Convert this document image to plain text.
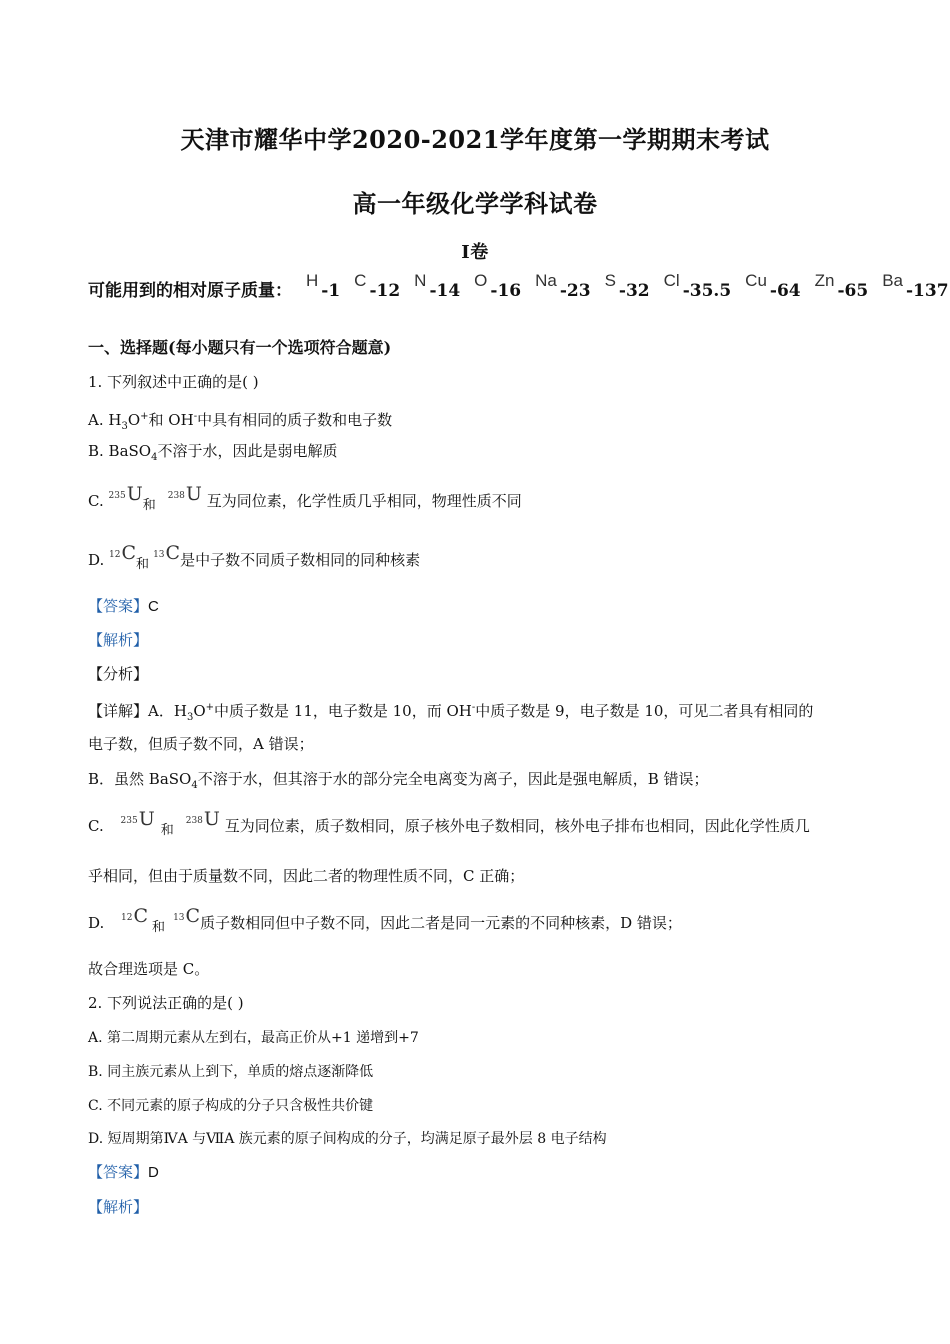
天津市耀华中学2020-2021学年度第一学期期末考试
高一年级化学学科试卷
I卷
可能用到的相对原子质量：H-1C-12N-14O-16Na-23S-32Cl-35.5Cu-64Zn-65Ba-137
一、选择题(每小题只有一个选项符合题意)
1. 下列叙述中正确的是( )
A. $H_3O^+$和 OH-中具有相同的质子数和电子数
B. BaSO$_4$不溶于水，因此是弱电解质
C. $^{235}$U和$^{238}$U 互为同位素，化学性质几乎相同，物理性质不同
D. $^{12}$C和$^{13}$C是中子数不同质子数相同的同种核素
【答案】C
【解析】
【分析】
【详解】A．$H_3O^+$中质子数是 11，电子数是 10，而 OH-中质子数是 9，电子数是 10，可见二者具有相同的
电子数，但质子数不同，A 错误；
B．虽然 BaSO$_4$不溶于水，但其溶于水的部分完全电离变为离子，因此是强电解质，B 错误；
C. $^{235}$U和$^{238}$U 互为同位素，质子数相同，原子核外电子数相同，核外电子排布也相同，因此化学性质几
乎相同，但由于质量数不同，因此二者的物理性质不同，C 正确；
D. $^{12}$C和$^{13}$C质子数相同但中子数不同，因此二者是同一元素的不同种核素，D 错误；
故合理选项是 C。
2. 下列说法正确的是( )
A. 第二周期元素从左到右，最高正价从+1 递增到+7
B. 同主族元素从上到下，单质的熔点逐渐降低
C. 不同元素的原子构成的分子只含极性共价键
D. 短周期第ⅣA 与ⅦA 族元素的原子间构成的分子，均满足原子最外层 8 电子结构
【答案】D
【解析】
